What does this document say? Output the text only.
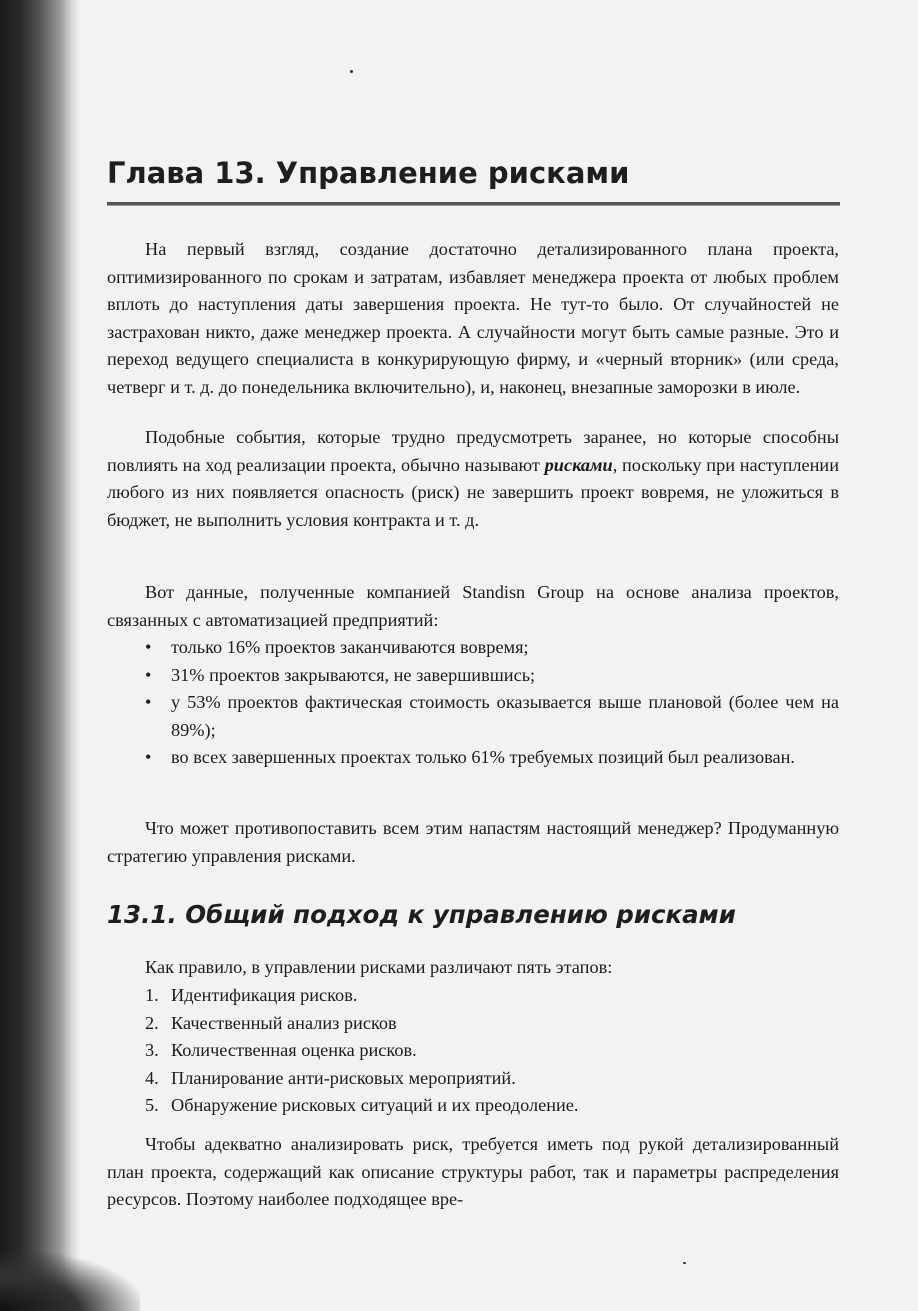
Глава 13. Управление рисками

На первый взгляд, создание достаточно детализированного плана проекта, оптимизированного по срокам и затратам, избавляет менеджера проекта от любых проблем вплоть до наступления даты завершения проекта. Не тут-то было. От случайностей не застрахован никто, даже менеджер проекта. А случайности могут быть самые разные. Это и переход ведущего специалиста в конкурирующую фирму, и «черный вторник» (или среда, четверг и т. д. до понедельника включительно), и, наконец, внезапные заморозки в июле.

Подобные события, которые трудно предусмотреть заранее, но которые способны повлиять на ход реализации проекта, обычно называют рисками, поскольку при наступлении любого из них появляется опасность (риск) не завершить проект вовремя, не уложиться в бюджет, не выполнить условия контракта и т. д.

Вот данные, полученные компанией Standisn Group на основе анализа проектов, связанных с автоматизацией предприятий:

• только 16% проектов заканчиваются вовремя;
• 31% проектов закрываются, не завершившись;
• у 53% проектов фактическая стоимость оказывается выше плановой (более чем на 89%);
• во всех завершенных проектах только 61% требуемых позиций был реализован.

Что может противопоставить всем этим напастям настоящий менеджер? Продуманную стратегию управления рисками.

13.1. Общий подход к управлению рисками

Как правило, в управлении рисками различают пять этапов:

1. Идентификация рисков.
2. Качественный анализ рисков
3. Количественная оценка рисков.
4. Планирование анти-рисковых мероприятий.
5. Обнаружение рисковых ситуаций и их преодоление.

Чтобы адекватно анализировать риск, требуется иметь под рукой детализированный план проекта, содержащий как описание структуры работ, так и параметры распределения ресурсов. Поэтому наиболее подходящее вре-
